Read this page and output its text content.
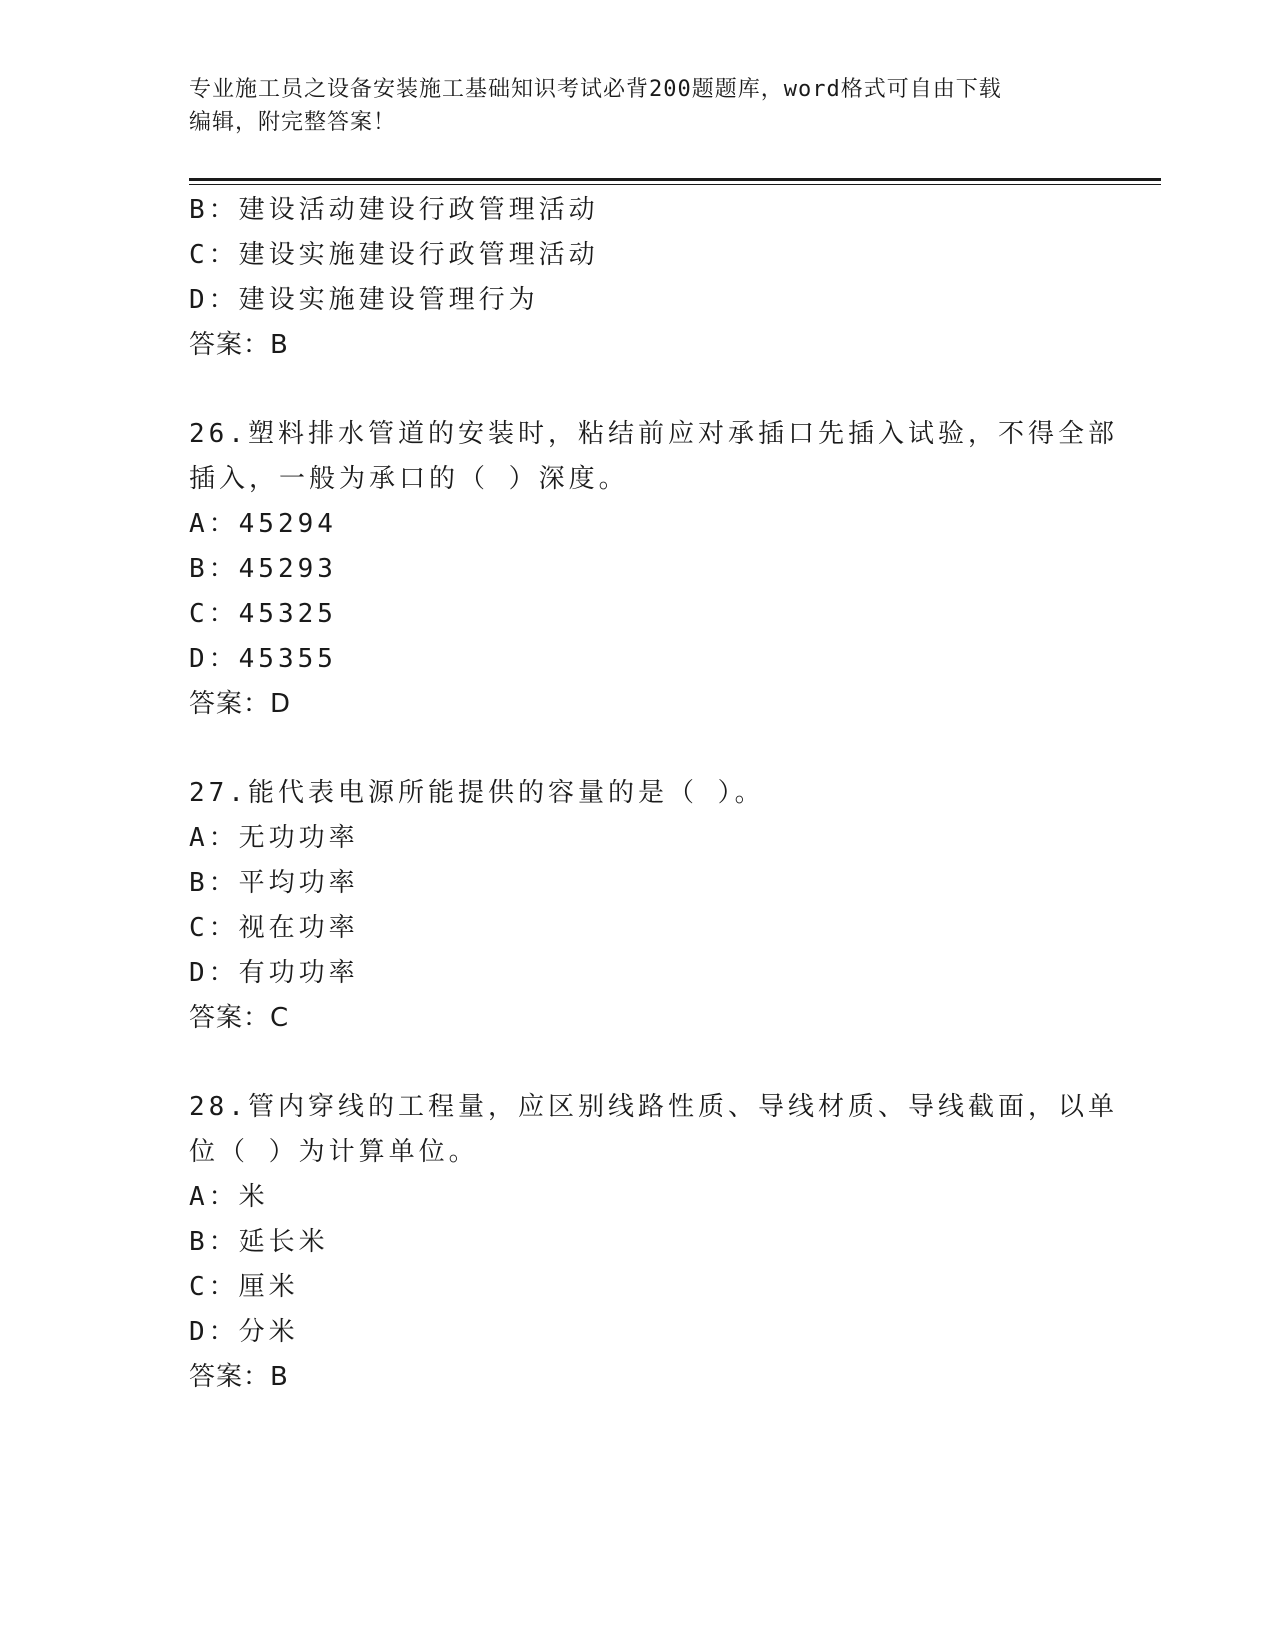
专业施工员之设备安装施工基础知识考试必背200题题库，word格式可自由下载
编辑，附完整答案！
B：建设活动建设行政管理活动
C：建设实施建设行政管理活动
D：建设实施建设管理行为
答案：B
26.塑料排水管道的安装时，粘结前应对承插口先插入试验，不得全部
插入，一般为承口的（ ）深度。
A：45294
B：45293
C：45325
D：45355
答案：D
27.能代表电源所能提供的容量的是（ ）。
A：无功功率
B：平均功率
C：视在功率
D：有功功率
答案：C
28.管内穿线的工程量，应区别线路性质、导线材质、导线截面，以单
位（ ）为计算单位。
A：米
B：延长米
C：厘米
D：分米
答案：B
